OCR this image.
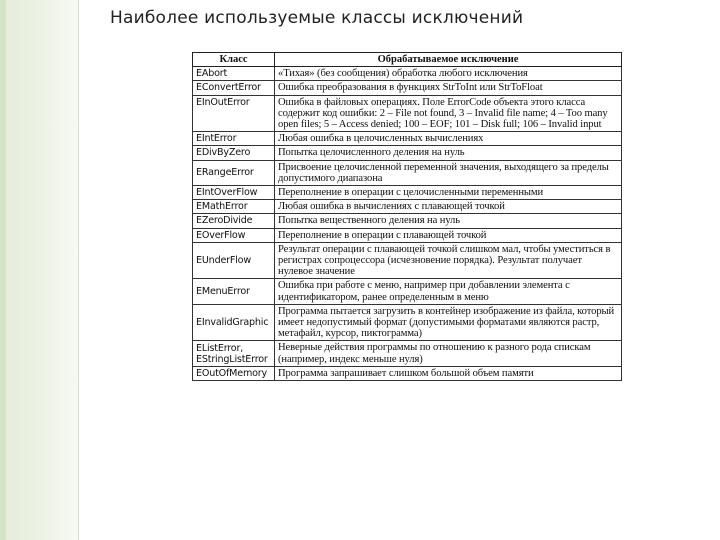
Наиболее используемые классы исключений
Класс	Обрабатываемое исключение
EAbort	«Тихая» (без сообщения) обработка любого исключения
EConvertError	Ошибка преобразования в функциях StrToInt или StrToFloat
EInOutError	Ошибка в файловых операциях. Поле ErrorCode объекта этого класса содержит код ошибки: 2 – File not found, 3 – Invalid file name; 4 – Too many open files; 5 – Access denied; 100 – EOF; 101 – Disk full; 106 – Invalid input
EIntError	Любая ошибка в целочисленных вычислениях
EDivByZero	Попытка целочисленного деления на нуль
ERangeError	Присвоение целочисленной переменной значения, выходящего за пределы допустимого диапазона
EIntOverFlow	Переполнение в операции с целочисленными переменными
EMathError	Любая ошибка в вычислениях с плавающей точкой
EZeroDivide	Попытка вещественного деления на нуль
EOverFlow	Переполнение в операции с плавающей точкой
EUnderFlow	Результат операции с плавающей точкой слишком мал, чтобы уместиться в регистрах сопроцессора (исчезновение порядка). Результат получает нулевое значение
EMenuError	Ошибка при работе с меню, например при добавлении элемента с идентификатором, ранее определенным в меню
EInvalidGraphic	Программа пытается загрузить в контейнер изображение из файла, который имеет недопустимый формат (допустимыми форматами являются растр, метафайл, курсор, пиктограмма)
EListError, EStringListError	Неверные действия программы по отношению к разного рода спискам (например, индекс меньше нуля)
EOutOfMemory	Программа запрашивает слишком большой объем памяти
